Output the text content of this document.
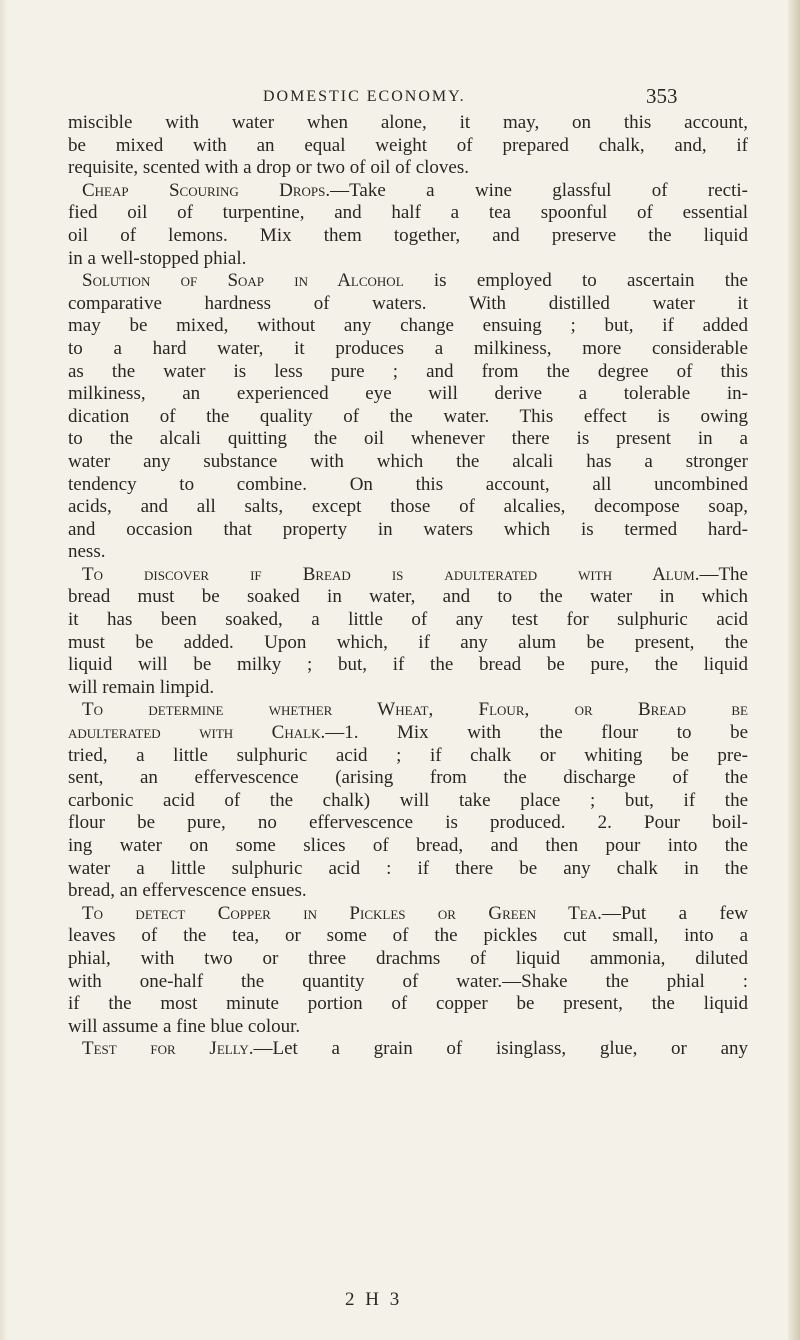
DOMESTIC ECONOMY.	353
miscible with water when alone, it may, on this account,
be mixed with an equal weight of prepared chalk, and, if
requisite, scented with a drop or two of oil of cloves.
Cheap Scouring Drops.—Take a wine glassful of recti-
fied oil of turpentine, and half a tea spoonful of essential
oil of lemons. Mix them together, and preserve the liquid
in a well-stopped phial.
Solution of Soap in Alcohol is employed to ascertain the
comparative hardness of waters. With distilled water it
may be mixed, without any change ensuing ; but, if added
to a hard water, it produces a milkiness, more considerable
as the water is less pure ; and from the degree of this
milkiness, an experienced eye will derive a tolerable in-
dication of the quality of the water. This effect is owing
to the alcali quitting the oil whenever there is present in a
water any substance with which the alcali has a stronger
tendency to combine. On this account, all uncombined
acids, and all salts, except those of alcalies, decompose soap,
and occasion that property in waters which is termed hard-
ness.
To discover if Bread is adulterated with Alum.—The
bread must be soaked in water, and to the water in which
it has been soaked, a little of any test for sulphuric acid
must be added. Upon which, if any alum be present, the
liquid will be milky ; but, if the bread be pure, the liquid
will remain limpid.
To determine whether Wheat, Flour, or Bread be
adulterated with Chalk.—1. Mix with the flour to be
tried, a little sulphuric acid ; if chalk or whiting be pre-
sent, an effervescence (arising from the discharge of the
carbonic acid of the chalk) will take place ; but, if the
flour be pure, no effervescence is produced. 2. Pour boil-
ing water on some slices of bread, and then pour into the
water a little sulphuric acid : if there be any chalk in the
bread, an effervescence ensues.
To detect Copper in Pickles or Green Tea.—Put a few
leaves of the tea, or some of the pickles cut small, into a
phial, with two or three drachms of liquid ammonia, diluted
with one-half the quantity of water.—Shake the phial :
if the most minute portion of copper be present, the liquid
will assume a fine blue colour.
Test for Jelly.—Let a grain of isinglass, glue, or any
2 H 3
